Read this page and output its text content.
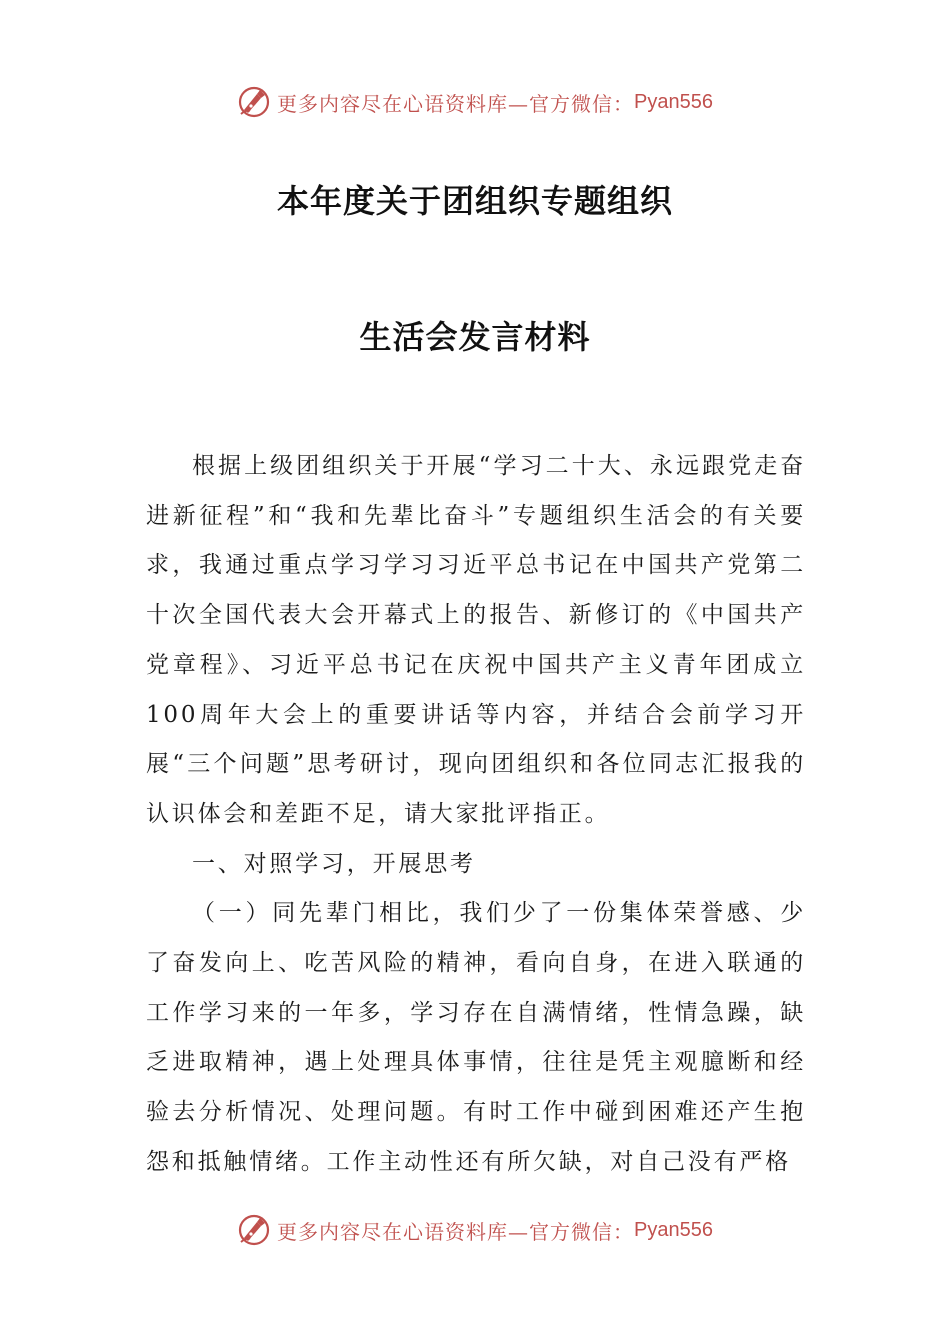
更多内容尽在心语资料库—官方微信： Pyan556
本年度关于团组织专题组织
生活会发言材料

根据上级团组织关于开展“学习二十大、永远跟党走奋进新征程”和“我和先辈比奋斗”专题组织生活会的有关要求，我通过重点学习学习习近平总书记在中国共产党第二十次全国代表大会开幕式上的报告、新修订的《中国共产党章程》、习近平总书记在庆祝中国共产主义青年团成立100周年大会上的重要讲话等内容，并结合会前学习开展“三个问题”思考研讨，现向团组织和各位同志汇报我的认识体会和差距不足，请大家批评指正。

一、对照学习，开展思考

（一）同先辈门相比，我们少了一份集体荣誉感、少了奋发向上、吃苦风险的精神，看向自身，在进入联通的工作学习来的一年多，学习存在自满情绪，性情急躁，缺乏进取精神，遇上处理具体事情，往往是凭主观臆断和经验去分析情况、处理问题。有时工作中碰到困难还产生抱怨和抵触情绪。工作主动性还有所欠缺，对自己没有严格

更多内容尽在心语资料库—官方微信： Pyan556
